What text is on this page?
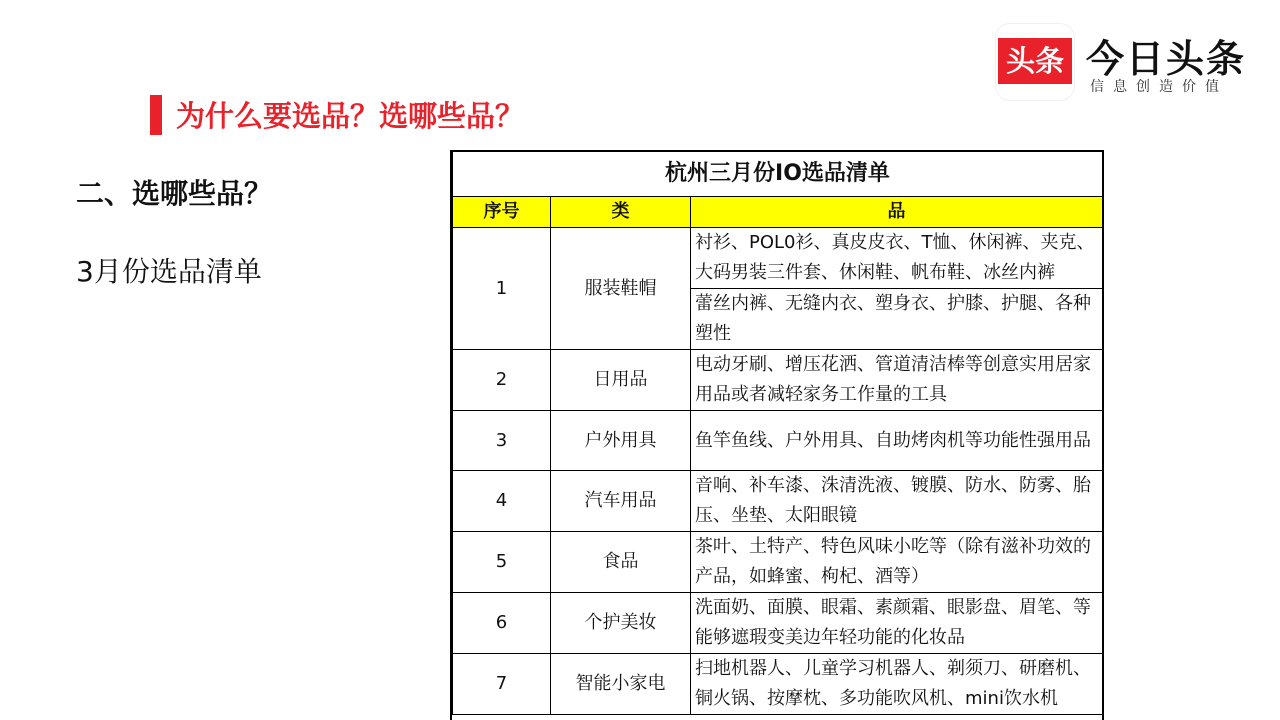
头条 今日头条
信息创造价值
为什么要选品？选哪些品？
二、选哪些品？
3月份选品清单
杭州三月份IO选品清单		
序号	类	品
1	服装鞋帽	衬衫、POL0衫、真皮皮衣、T恤、休闲裤、夹克、大码男装三件套、休闲鞋、帆布鞋、冰丝内裤
		蕾丝内裤、无缝内衣、塑身衣、护膝、护腿、各种塑性
2	日用品	电动牙刷、增压花洒、管道清洁棒等创意实用居家用品或者减轻家务工作量的工具
3	户外用具	鱼竿鱼线、户外用具、自助烤肉机等功能性强用品
4	汽车用品	音响、补车漆、洙清洗液、镀膜、防水、防雾、胎压、坐垫、太阳眼镜
5	食品	茶叶、土特产、特色风味小吃等（除有滋补功效的产品，如蜂蜜、枸杞、酒等）
6	个护美妆	洗面奶、面膜、眼霜、素颜霜、眼影盘、眉笔、等能够遮瑕变美边年轻功能的化妆品
7	智能小家电	扫地机器人、儿童学习机器人、剃须刀、研磨机、铜火锅、按摩枕、多功能吹风机、mini饮水机
